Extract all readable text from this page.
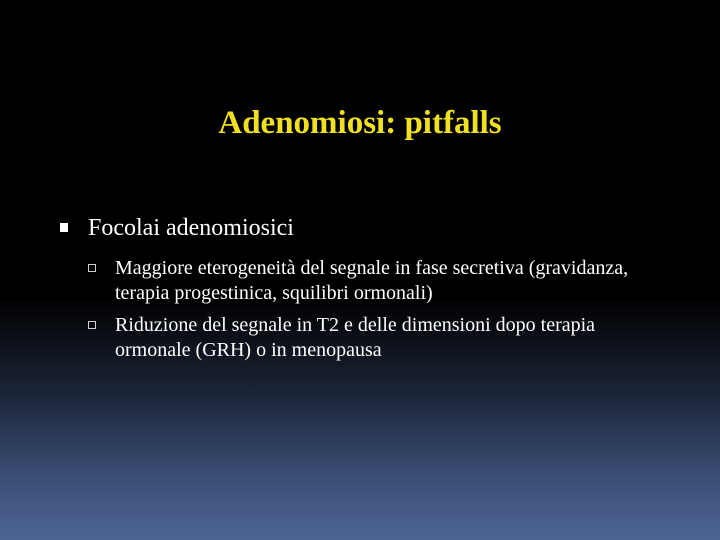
Adenomiosi: pitfalls
Focolai adenomiosici
Maggiore eterogeneità del segnale in fase secretiva (gravidanza, terapia progestinica, squilibri ormonali)
Riduzione del segnale in T2 e delle dimensioni dopo terapia ormonale (GRH) o in menopausa
